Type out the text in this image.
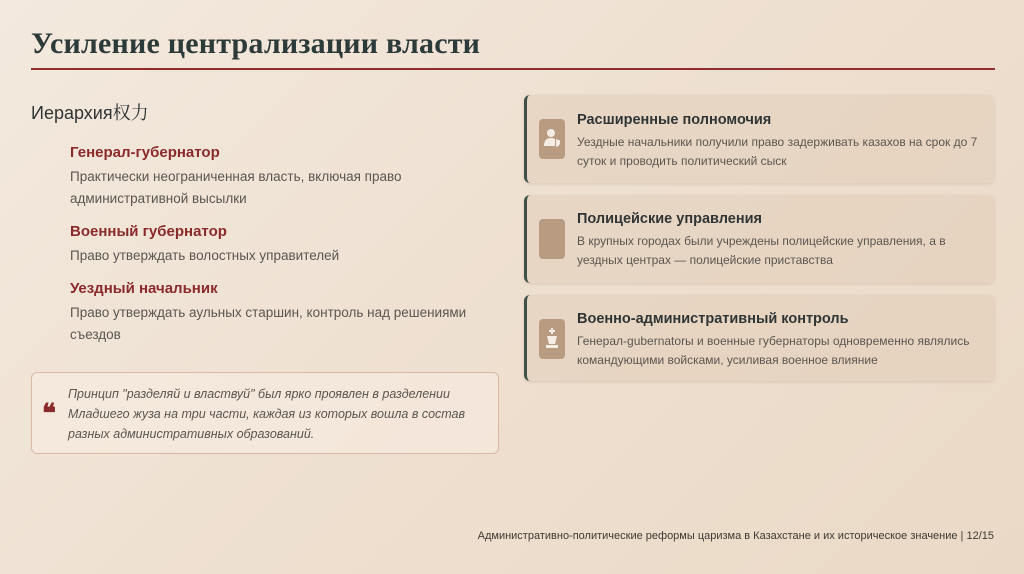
Усиление централизации власти
Иерархия权力
Генерал-губернатор
Практически неограниченная власть, включая право административной высылки
Военный губернатор
Право утверждать волостных управителей
Уездный начальник
Право утверждать аульных старшин, контроль над решениями съездов
❝
Принцип "разделяй и властвуй" был ярко проявлен в разделении Младшего жуза на три части, каждая из которых вошла в состав разных административных образований.
Расширенные полномочия
Уездные начальники получили право задерживать казахов на срок до 7 суток и проводить политический сыск
Полицейские управления
В крупных городах были учреждены полицейские управления, а в уездных центрах — полицейские приставства
Военно-административный контроль
Генерал-gubernatorы и военные губернаторы одновременно являлись командующими войсками, усиливая военное влияние
Административно-политические реформы царизма в Казахстане и их историческое значение | 12/15
